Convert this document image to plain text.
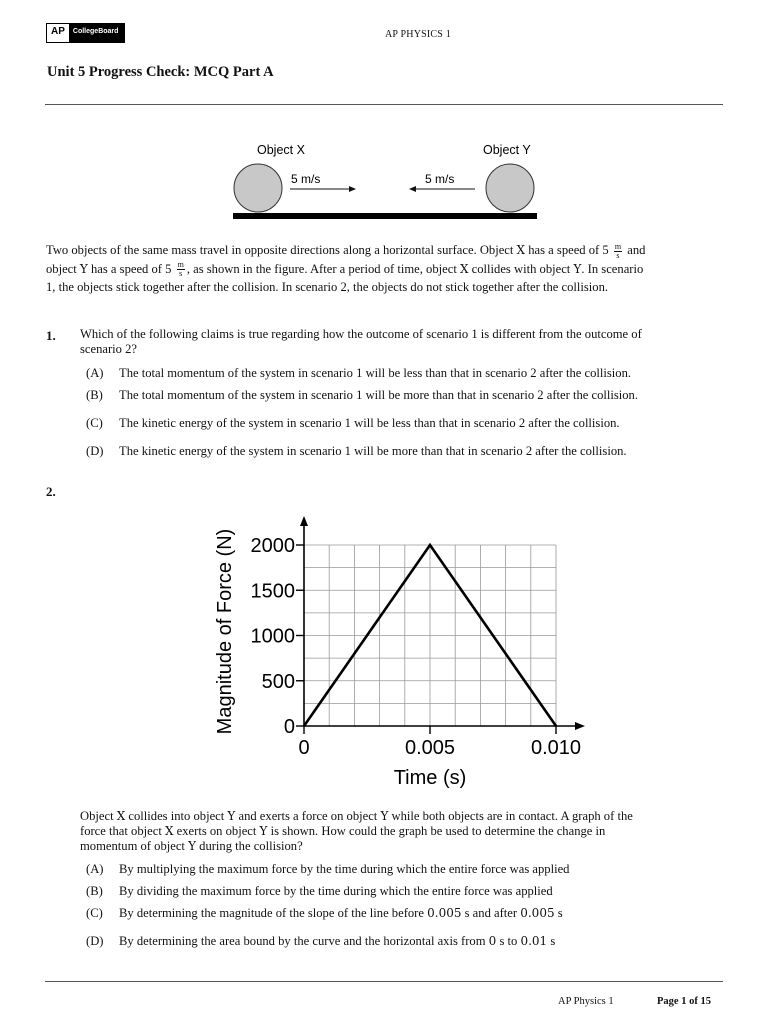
AP	CollegeBoard	AP PHYSICS 1
Unit 5 Progress Check: MCQ Part A
Object X	Object Y
5 m/s	5 m/s
Two objects of the same mass travel in opposite directions along a horizontal surface. Object X has a speed of $5 \frac{m}{s}$ and
object Y has a speed of $5 \frac{m}{s}$ , as shown in the figure. After a period of time, object X collides with object Y. In scenario
1, the objects stick together after the collision. In scenario 2, the objects do not stick together after the collision.
1. Which of the following claims is true regarding how the outcome of scenario 1 is different from the outcome of
scenario 2?
(A)	The total momentum of the system in scenario 1 will be less than that in scenario 2 after the collision.
(B)	The total momentum of the system in scenario 1 will be more than that in scenario 2 after the collision.
(C)	The kinetic energy of the system in scenario 1 will be less than that in scenario 2 after the collision.
(D)	The kinetic energy of the system in scenario 1 will be more than that in scenario 2 after the collision.
2.
0
500
1000
1500
2000
0	0.005	0.010
Time (s)
Magnitude of Force (N)
Object X collides into object Y and exerts a force on object Y while both objects are in contact. A graph of the
force that object X exerts on object Y is shown. How could the graph be used to determine the change in
momentum of object Y during the collision?
(A)	By multiplying the maximum force by the time during which the entire force was applied
(B)	By dividing the maximum force by the time during which the entire force was applied
(C)	By determining the magnitude of the slope of the line before 0.005 s and after 0.005 s
(D)	By determining the area bound by the curve and the horizontal axis from 0 s to 0.01 s
AP Physics 1	Page 1 of 15
